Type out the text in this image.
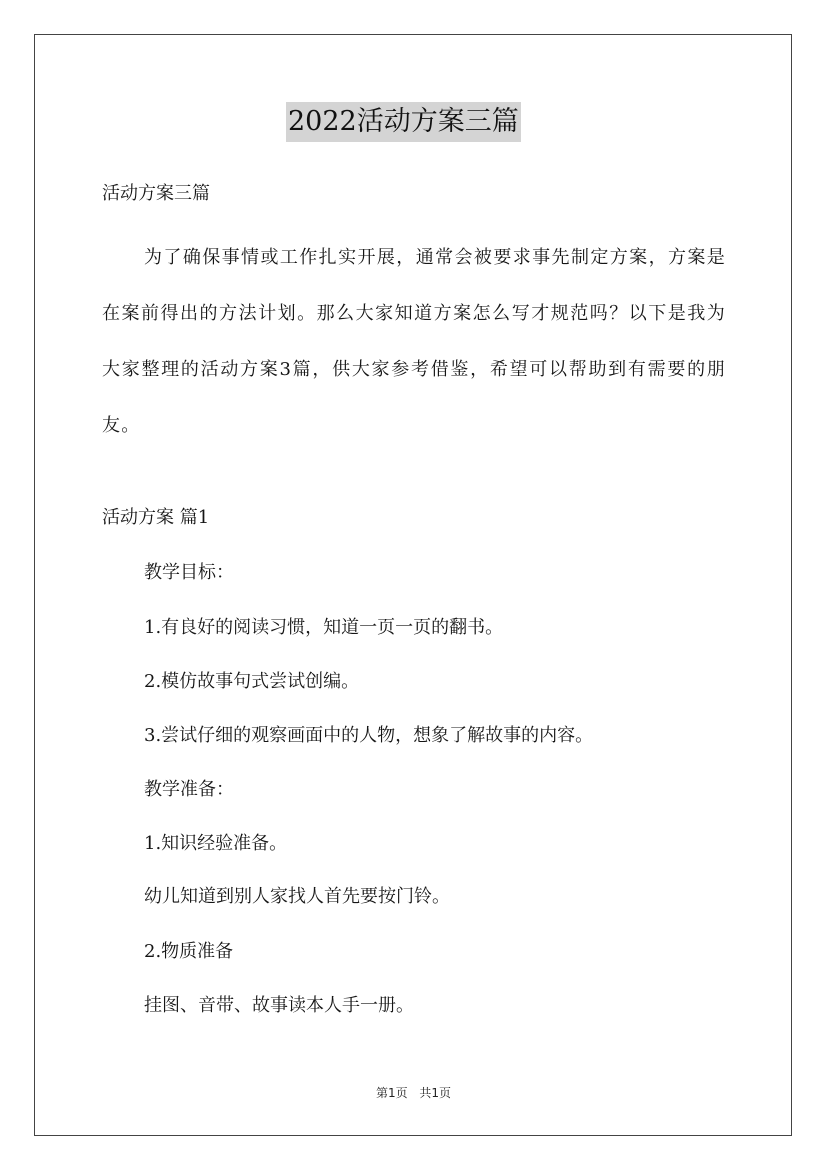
2022活动方案三篇
活动方案三篇

为了确保事情或工作扎实开展，通常会被要求事先制定方案，方案是在案前得出的方法计划。那么大家知道方案怎么写才规范吗？以下是我为大家整理的活动方案3篇，供大家参考借鉴，希望可以帮助到有需要的朋友。

活动方案 篇1
教学目标：
1.有良好的阅读习惯，知道一页一页的翻书。
2.模仿故事句式尝试创编。
3.尝试仔细的观察画面中的人物，想象了解故事的内容。
教学准备：
1.知识经验准备。
幼儿知道到别人家找人首先要按门铃。
2.物质准备
挂图、音带、故事读本人手一册。
第1页 共1页
